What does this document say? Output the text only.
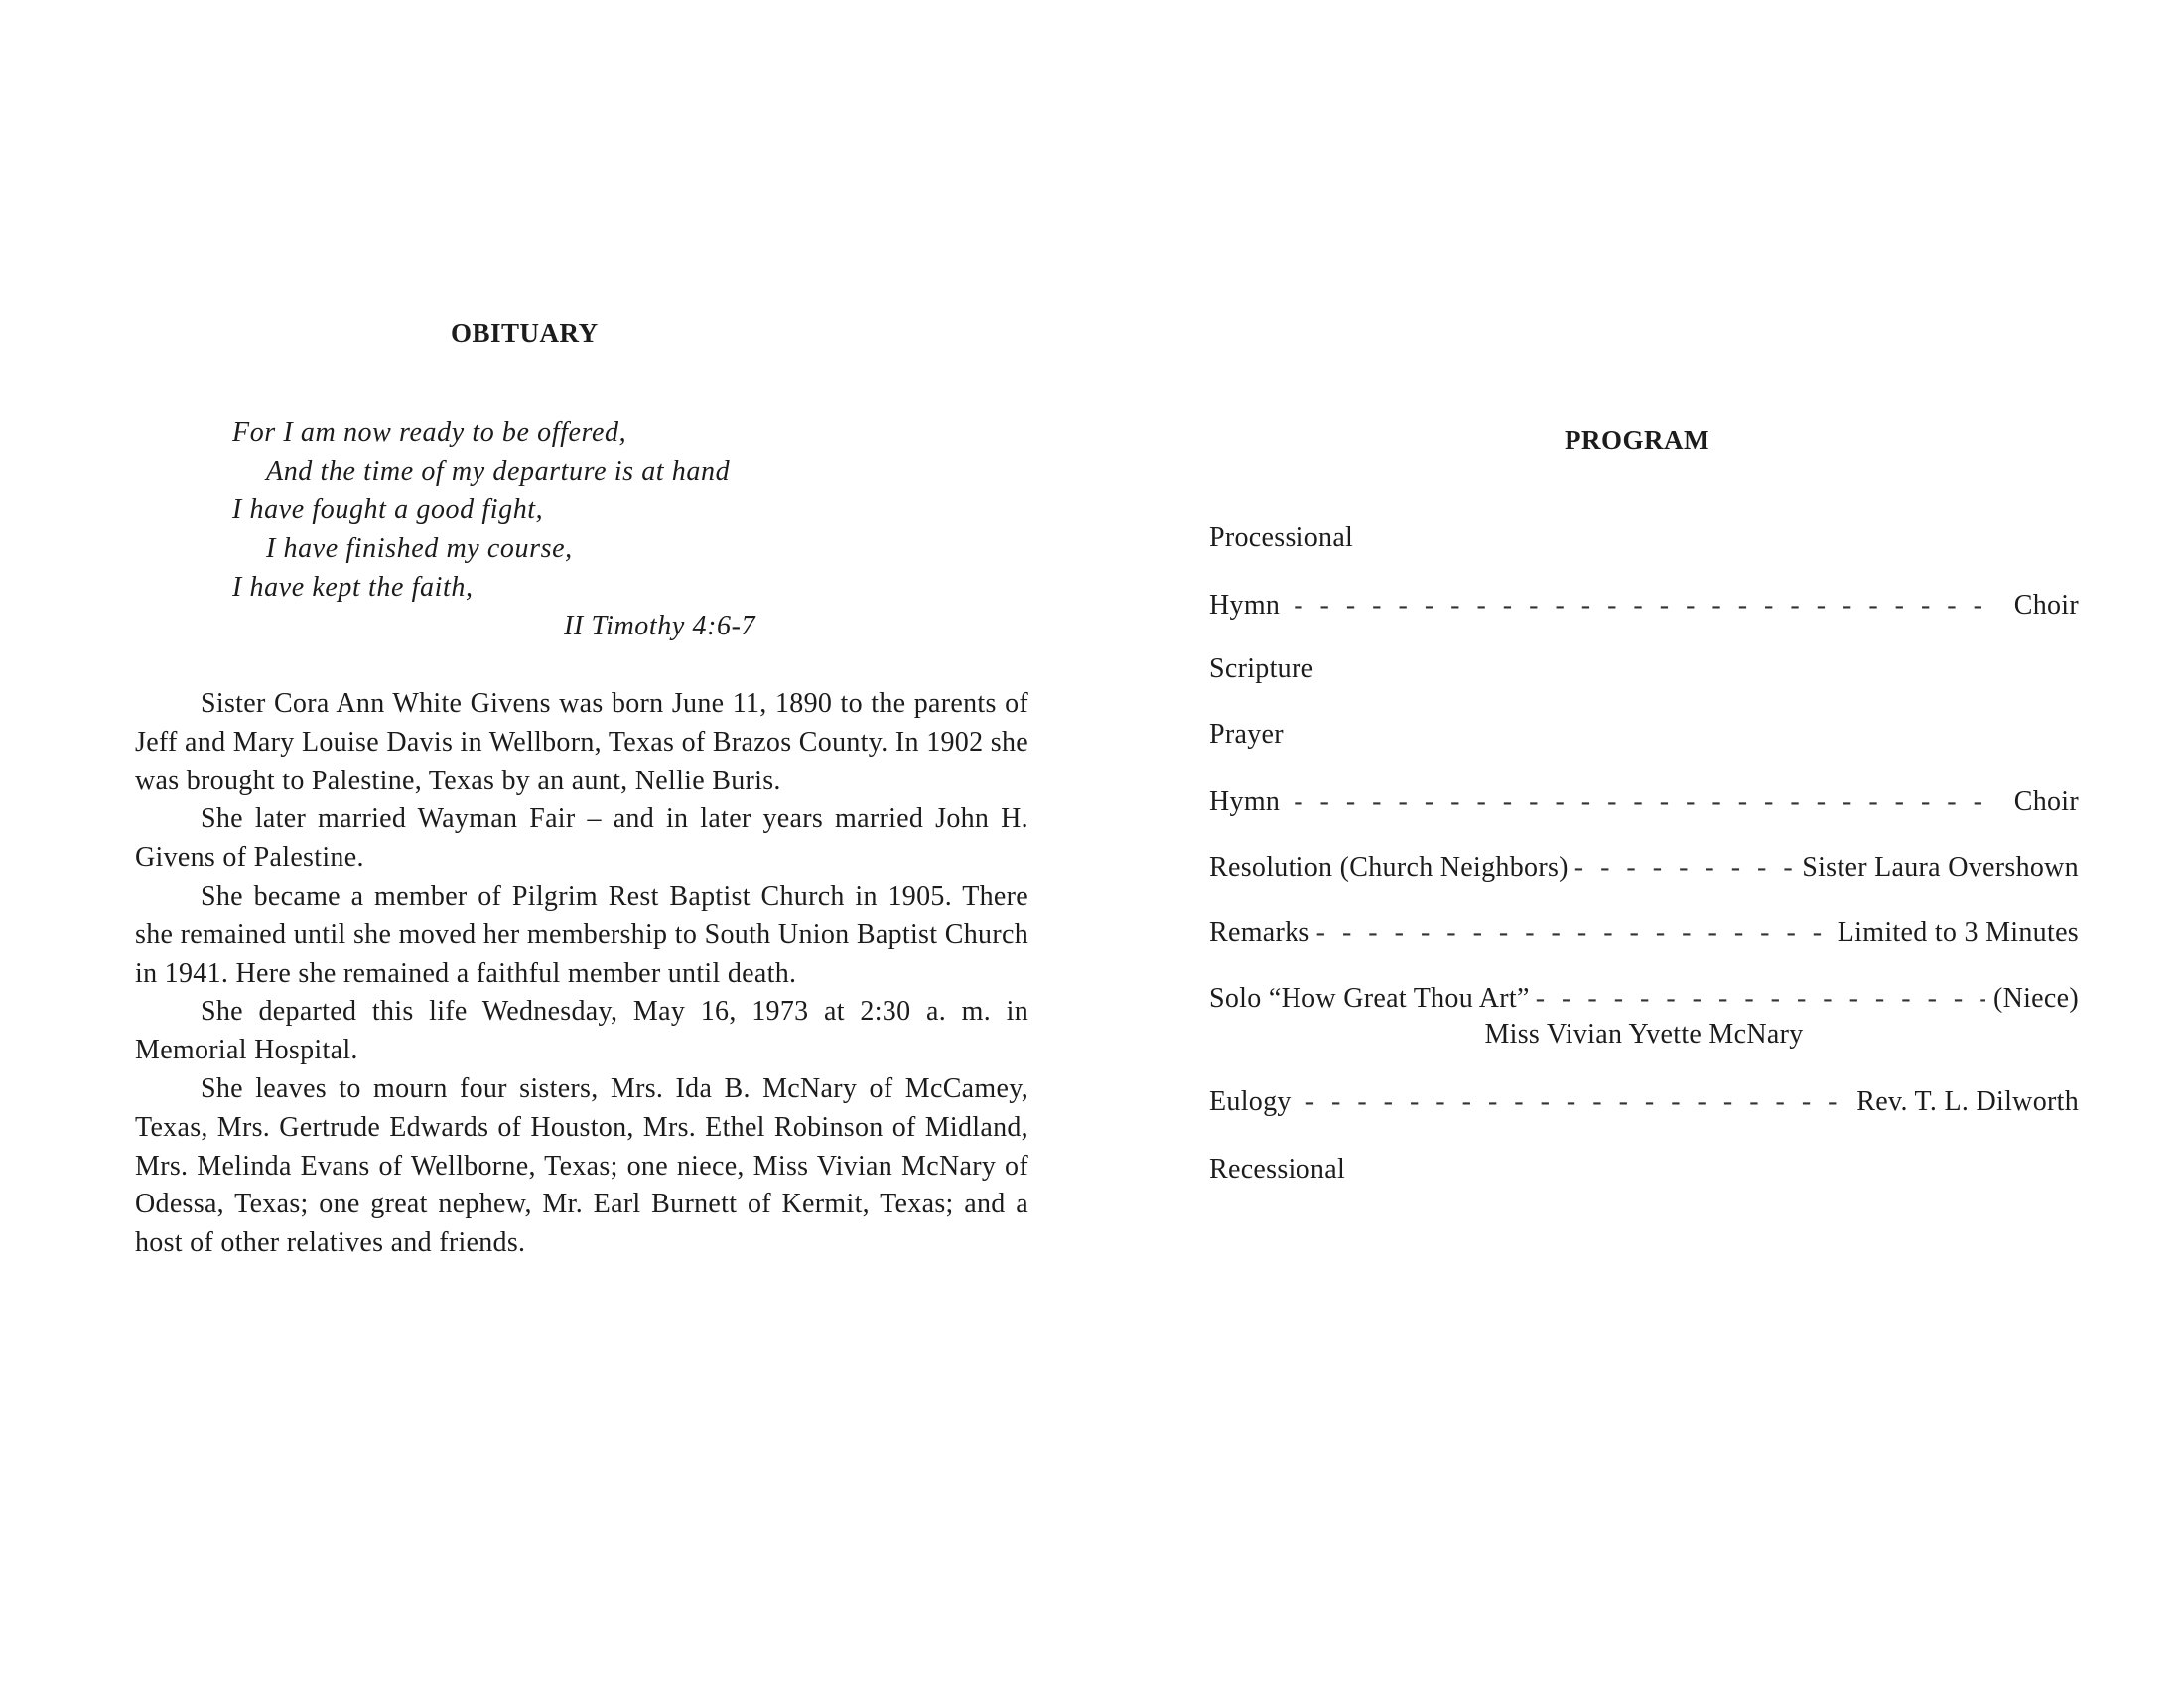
OBITUARY
For I am now ready to be offered,
And the time of my departure is at hand
I have fought a good fight,
I have finished my course,
I have kept the faith,
II Timothy 4:6-7

Sister Cora Ann White Givens was born June 11, 1890 to the parents of Jeff and Mary Louise Davis in Wellborn, Texas of Brazos County. In 1902 she was brought to Palestine, Texas by an aunt, Nellie Buris.

She later married Wayman Fair – and in later years married John H. Givens of Palestine.

She became a member of Pilgrim Rest Baptist Church in 1905. There she remained until she moved her membership to South Union Baptist Church in 1941. Here she remained a faithful member until death.

She departed this life Wednesday, May 16, 1973 at 2:30 a. m. in Memorial Hospital.

She leaves to mourn four sisters, Mrs. Ida B. McNary of McCamey, Texas, Mrs. Gertrude Edwards of Houston, Mrs. Ethel Robinson of Midland, Mrs. Melinda Evans of Wellborne, Texas; one niece, Miss Vivian McNary of Odessa, Texas; one great nephew, Mr. Earl Burnett of Kermit, Texas; and a host of other relatives and friends.

PROGRAM
Processional
Hymn - - -	Choir
Scripture
Prayer
Hymn - - -	Choir
Resolution (Church Neighbors) - - -	Sister Laura Overshown
Remarks - - -	Limited to 3 Minutes
Solo “How Great Thou Art” - - -	(Niece)
Miss Vivian Yvette McNary
Eulogy - - -	Rev. T. L. Dilworth
Recessional
